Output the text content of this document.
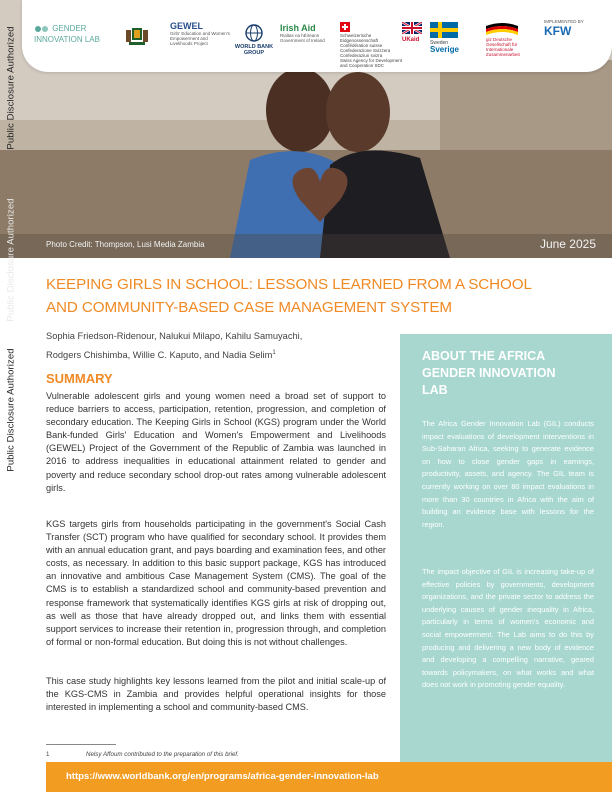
Photo Credit: Thompson, Lusi Media Zambia	June 2025
GENDER INNOVATION LAB
GEWEL
Girls' Education and Women's Empowerment and Livelihoods Project
WORLD BANK GROUP
Irish Aid
Rialtas na hÉireann Government of Ireland
Schweizerische Eidgenossenschaft Confédération suisse Confederazione Svizzera Confederaziun svizra
Swiss Agency for Development and Cooperation SDC
UKaid
Sweden
Sverige
giz Deutsche Gesellschaft für Internationale Zusammenarbeit
IMPLEMENTED BY
KFW
Public Disclosure Authorized
Public Disclosure Authorized
Public Disclosure Authorized
KEEPING GIRLS IN SCHOOL: LESSONS LEARNED FROM A SCHOOL AND COMMUNITY-BASED CASE MANAGEMENT SYSTEM
Sophia Friedson-Ridenour, Nalukui Milapo, Kahilu Samuyachi,
Rodgers Chishimba, Willie C. Kaputo, and Nadia Selim$^1$
SUMMARY

Vulnerable adolescent girls and young women need a broad set of support to reduce barriers to access, participation, retention, progression, and completion of secondary education. The Keeping Girls in School (KGS) program under the World Bank-funded Girls' Education and Women's Empowerment and Livelihoods (GEWEL) Project of the Government of the Republic of Zambia was launched in 2016 to address inequalities in educational attainment related to gender and poverty and reduce secondary school drop-out rates among vulnerable adolescent girls.

KGS targets girls from households participating in the government's Social Cash Transfer (SCT) program who have qualified for secondary school. It provides them with an annual education grant, and pays boarding and examination fees, and other costs, as necessary. In addition to this basic support package, KGS has introduced an innovative and ambitious Case Management System (CMS). The goal of the CMS is to establish a standardized school and community-based prevention and response framework that systematically identifies KGS girls at risk of dropping out, as well as those that have already dropped out, and links them with essential support services to increase their retention in, progression through, and completion of formal or non-formal education. But doing this is not without challenges.

This case study highlights key lessons learned from the pilot and initial scale-up of the KGS-CMS in Zambia and provides helpful operational insights for those interested in implementing a school and community-based CMS.

1	Nelsy Affoum contributed to the preparation of this brief.
ABOUT THE AFRICA GENDER INNOVATION LAB

The Africa Gender Innovation Lab (GIL) conducts impact evaluations of development interventions in Sub-Saharan Africa, seeking to generate evidence on how to close gender gaps in earnings, productivity, assets, and agency. The GIL team is currently working on over 80 impact evaluations in more than 30 countries in Africa with the aim of building an evidence base with lessons for the region.

The impact objective of GIL is increasing take-up of effective policies by governments, development organizations, and the private sector to address the underlying causes of gender inequality in Africa, particularly in terms of women's economic and social empowerment. The Lab aims to do this by producing and delivering a new body of evidence and developing a compelling narrative, geared towards policymakers, on what works and what does not work in promoting gender equality.

https://www.worldbank.org/en/programs/africa-gender-innovation-lab
